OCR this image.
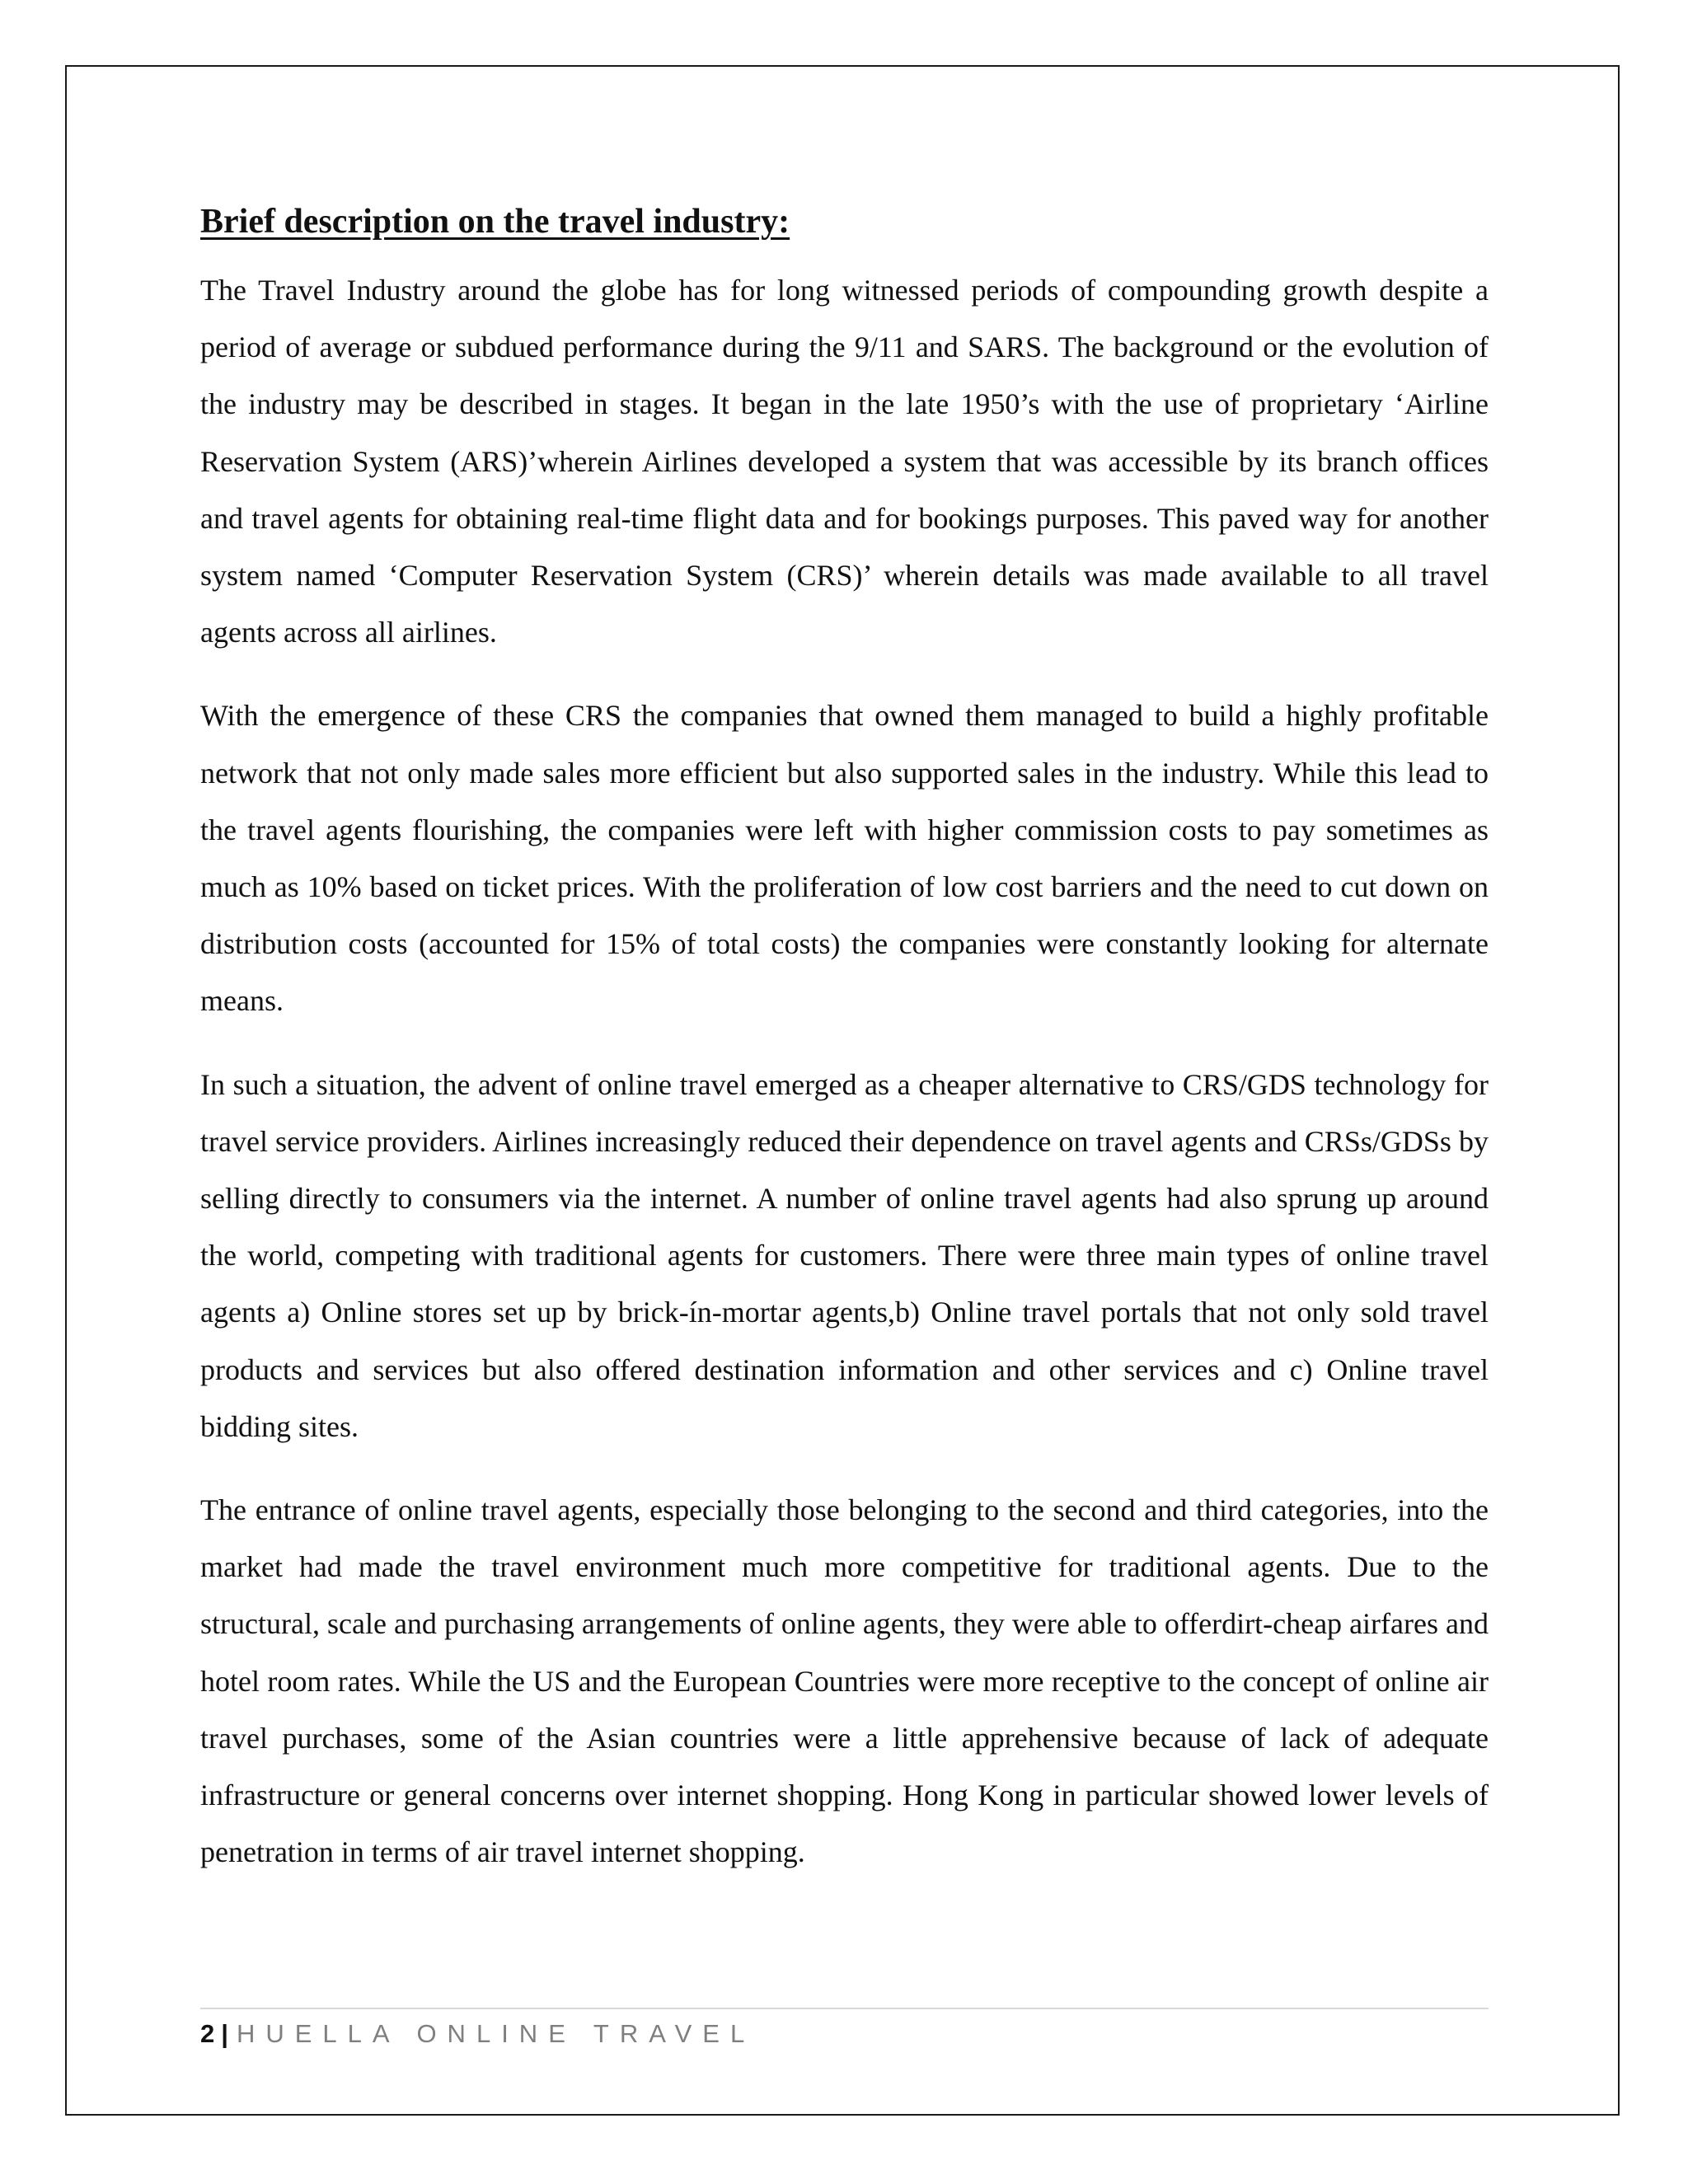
Brief description on the travel industry:

The Travel Industry around the globe has for long witnessed periods of compounding growth despite a period of average or subdued performance during the 9/11 and SARS. The background or the evolution of the industry may be described in stages. It began in the late 1950’s with the use of proprietary ‘Airline Reservation System (ARS)’wherein Airlines developed a system that was accessible by its branch offices and travel agents for obtaining real-time flight data and for bookings purposes. This paved way for another system named ‘Computer Reservation System (CRS)’ wherein details was made available to all travel agents across all airlines.

With the emergence of these CRS the companies that owned them managed to build a highly profitable network that not only made sales more efficient but also supported sales in the industry. While this lead to the travel agents flourishing, the companies were left with higher commission costs to pay sometimes as much as 10% based on ticket prices. With the proliferation of low cost barriers and the need to cut down on distribution costs (accounted for 15% of total costs) the companies were constantly looking for alternate means.

In such a situation, the advent of online travel emerged as a cheaper alternative to CRS/GDS technology for travel service providers. Airlines increasingly reduced their dependence on travel agents and CRSs/GDSs by selling directly to consumers via the internet. A number of online travel agents had also sprung up around the world, competing with traditional agents for customers. There were three main types of online travel agents a) Online stores set up by brick-ín-mortar agents,b) Online travel portals that not only sold travel products and services but also offered destination information and other services and c) Online travel bidding sites.

The entrance of online travel agents, especially those belonging to the second and third categories, into the market had made the travel environment much more competitive for traditional agents. Due to the structural, scale and purchasing arrangements of online agents, they were able to offerdirt-cheap airfares and hotel room rates. While the US and the European Countries were more receptive to the concept of online air travel purchases, some of the Asian countries were a little apprehensive because of lack of adequate infrastructure or general concerns over internet shopping. Hong Kong in particular showed lower levels of penetration in terms of air travel internet shopping.

2 | HUELLA ONLINE TRAVEL
